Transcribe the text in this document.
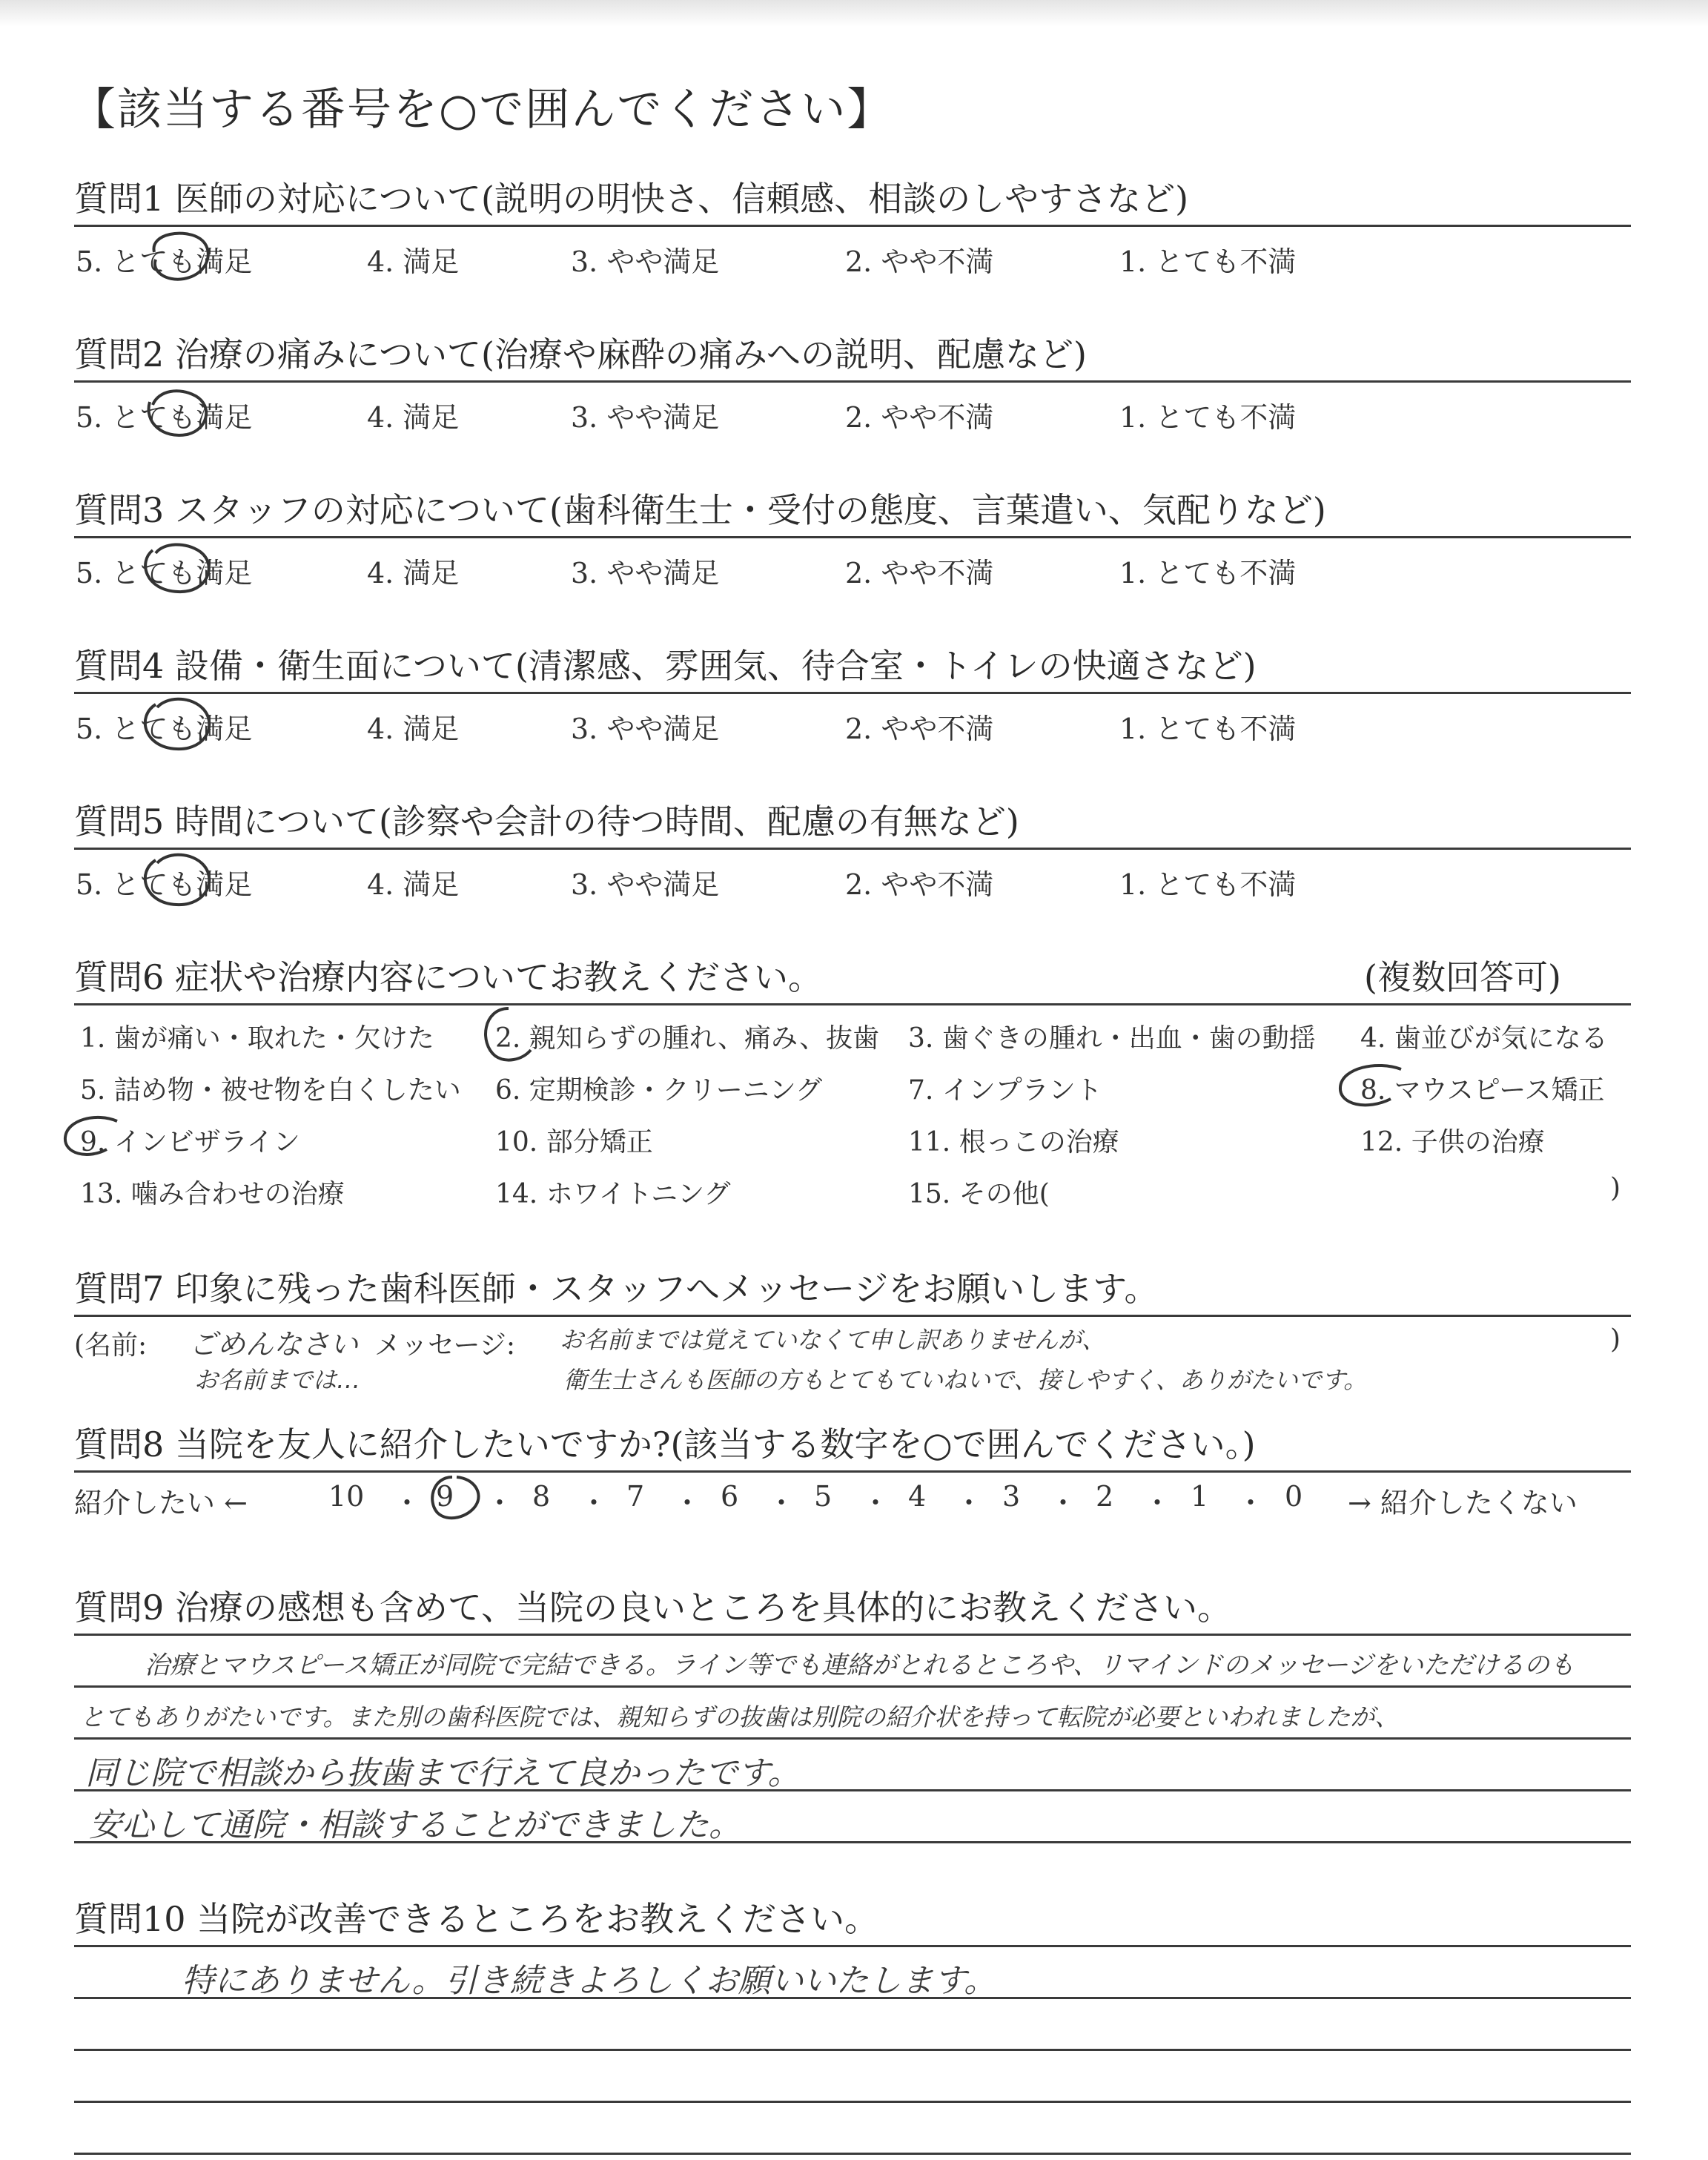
【該当する番号を○で囲んでください】
質問1 医師の対応について(説明の明快さ、信頼感、相談のしやすさなど)
5. とても満足	4. 満足	3. やや満足	2. やや不満	1. とても不満
質問2 治療の痛みについて(治療や麻酔の痛みへの説明、配慮など)
5. とても満足	4. 満足	3. やや満足	2. やや不満	1. とても不満
質問3 スタッフの対応について(歯科衛生士・受付の態度、言葉遣い、気配りなど)
5. とても満足	4. 満足	3. やや満足	2. やや不満	1. とても不満
質問4 設備・衛生面について(清潔感、雰囲気、待合室・トイレの快適さなど)
5. とても満足	4. 満足	3. やや満足	2. やや不満	1. とても不満
質問5 時間について(診察や会計の待つ時間、配慮の有無など)
5. とても満足	4. 満足	3. やや満足	2. やや不満	1. とても不満
質問6 症状や治療内容についてお教えください。	(複数回答可)
1. 歯が痛い・取れた・欠けた 2. 親知らずの腫れ、痛み、抜歯 3. 歯ぐきの腫れ・出血・歯の動揺 4. 歯並びが気になる
5. 詰め物・被せ物を白くしたい 6. 定期検診・クリーニング	7. インプラント	8. マウスピース矯正
9. インビザライン	10. 部分矯正	11. 根っこの治療	12. 子供の治療
13. 噛み合わせの治療	14. ホワイトニング	15. その他(	)
質問7 印象に残った歯科医師・スタッフへメッセージをお願いします。
(名前: ごめんなさい
お名前までは…
メッセージ: お名前までは覚えていなくて申し訳ありませんが、
衛生士さんも医師の方もとてもていねいで、接しやすく、ありがたいです。
)
質問8 当院を友人に紹介したいですか?(該当する数字を○で囲んでください。)
紹介したい ←	→ 紹介したくない
10	9	8	7	6	5	4	3	2	1	0
・ ・ ・ ・ ・ ・ ・ ・ ・ ・
質問9 治療の感想も含めて、当院の良いところを具体的にお教えください。
治療とマウスピース矯正が同院で完結できる。ライン等でも連絡がとれるところや、リマインドのメッセージをいただけるのも
とてもありがたいです。また別の歯科医院では、親知らずの抜歯は別院の紹介状を持って転院が必要といわれましたが、
同じ院で相談から抜歯まで行えて良かったです。
安心して通院・相談することができました。
質問10 当院が改善できるところをお教えください。
特にありません。引き続きよろしくお願いいたします。
